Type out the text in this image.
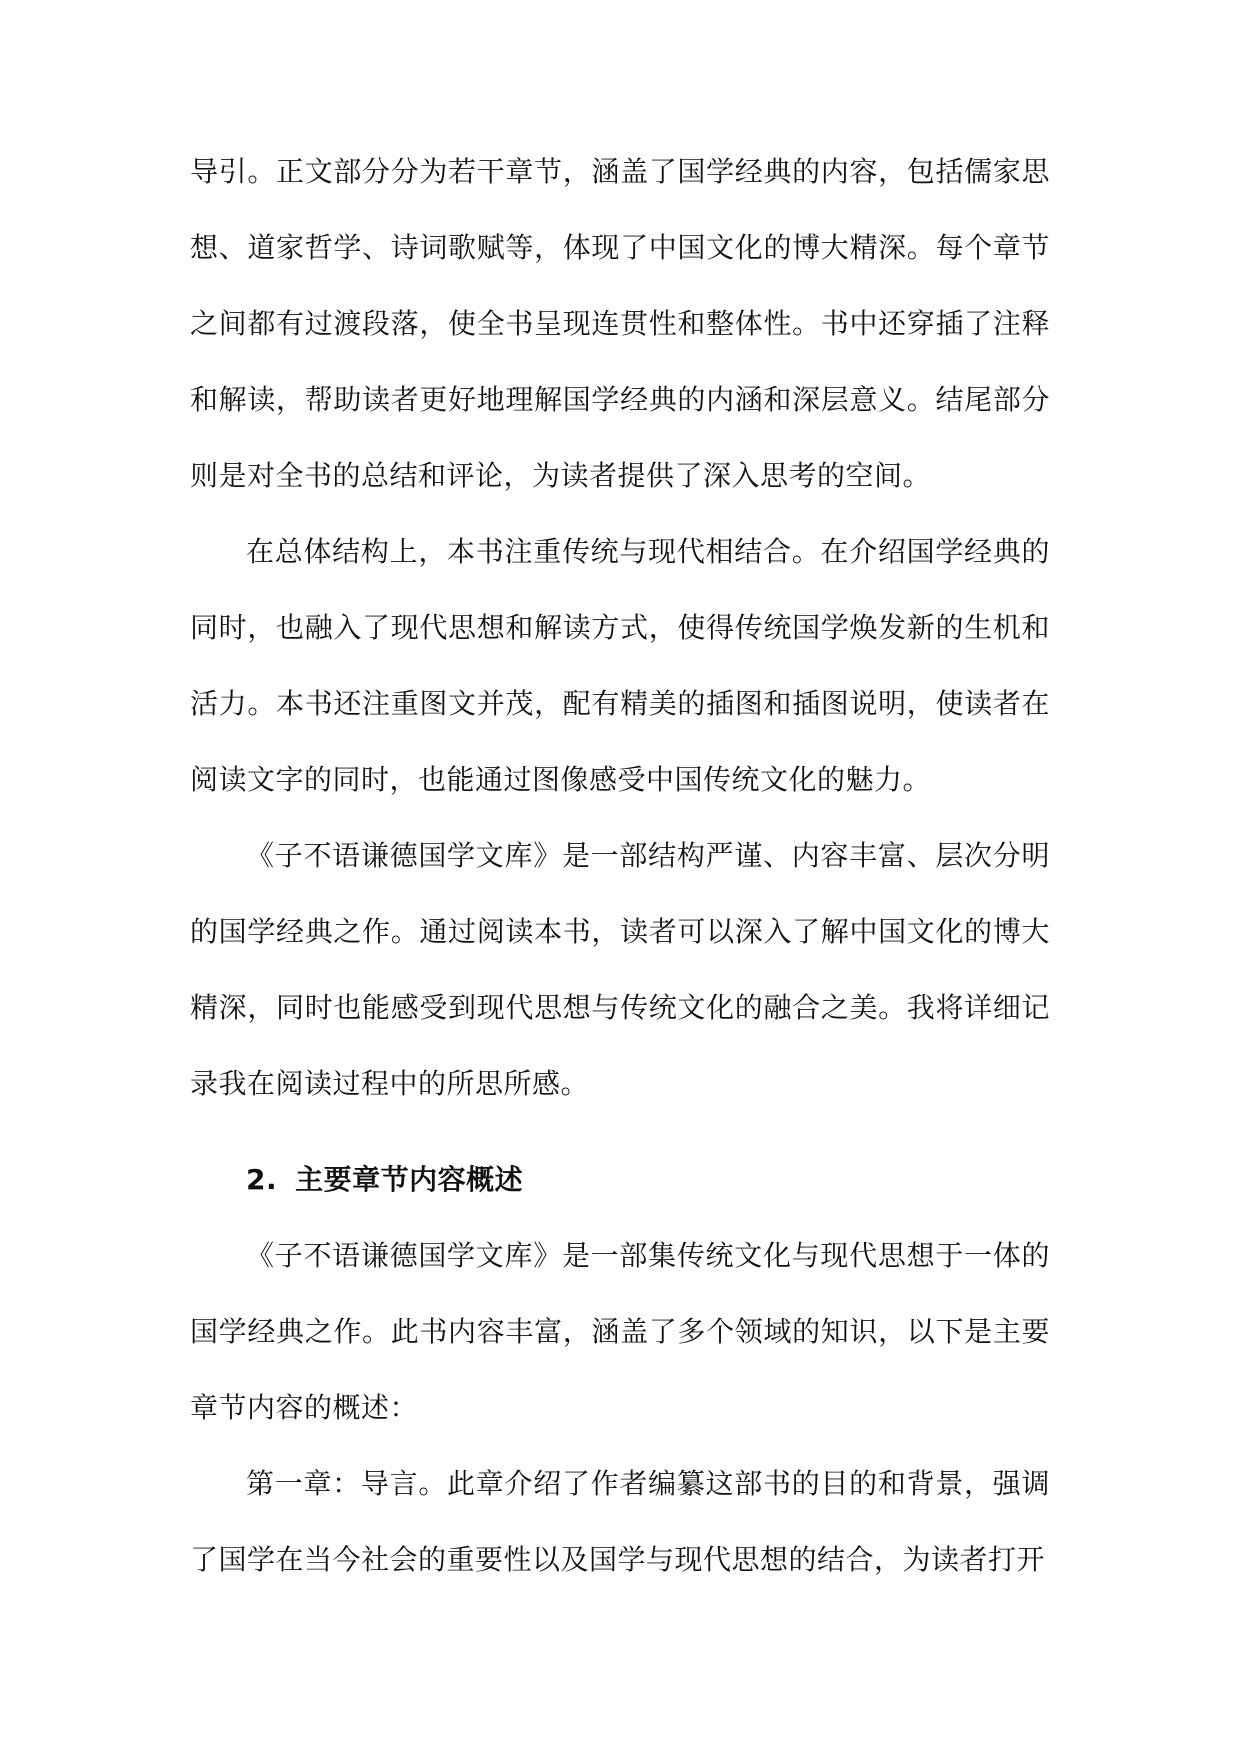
导引。正文部分分为若干章节，涵盖了国学经典的内容，包括儒家思想、道家哲学、诗词歌赋等，体现了中国文化的博大精深。每个章节之间都有过渡段落，使全书呈现连贯性和整体性。书中还穿插了注释和解读，帮助读者更好地理解国学经典的内涵和深层意义。结尾部分则是对全书的总结和评论，为读者提供了深入思考的空间。

在总体结构上，本书注重传统与现代相结合。在介绍国学经典的同时，也融入了现代思想和解读方式，使得传统国学焕发新的生机和活力。本书还注重图文并茂，配有精美的插图和插图说明，使读者在阅读文字的同时，也能通过图像感受中国传统文化的魅力。

《子不语谦德国学文库》是一部结构严谨、内容丰富、层次分明的国学经典之作。通过阅读本书，读者可以深入了解中国文化的博大精深，同时也能感受到现代思想与传统文化的融合之美。我将详细记录我在阅读过程中的所思所感。

2. 主要章节内容概述

《子不语谦德国学文库》是一部集传统文化与现代思想于一体的国学经典之作。此书内容丰富，涵盖了多个领域的知识，以下是主要章节内容的概述：

第一章：导言。此章介绍了作者编纂这部书的目的和背景，强调了国学在当今社会的重要性以及国学与现代思想的结合，为读者打开
